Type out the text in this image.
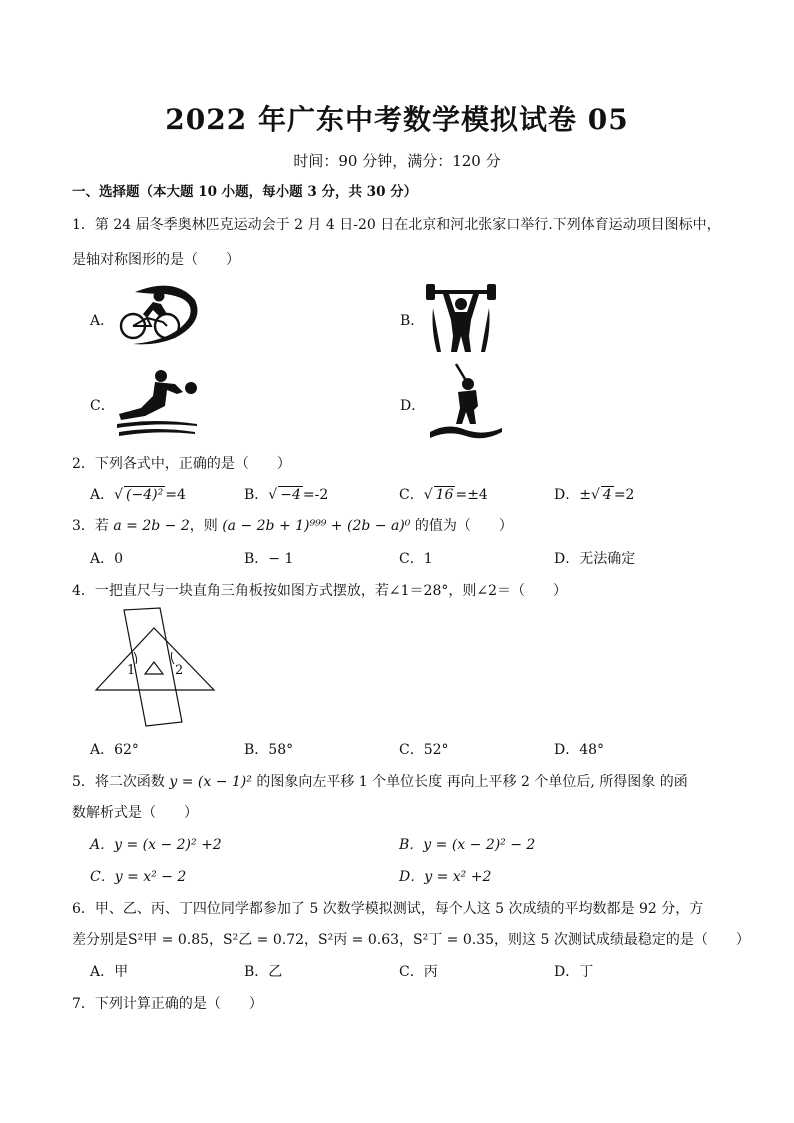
2022 年广东中考数学模拟试卷 05
时间：90 分钟，满分：120 分
一、选择题（本大题 10 小题，每小题 3 分，共 30 分）
1．第 24 届冬季奥林匹克运动会于 2 月 4 日-20 日在北京和河北张家口举行.下列体育运动项目图标中，
是轴对称图形的是（　　）
A．	B．
C．	D．
2．下列各式中，正确的是（　　）
A．√ (−4)² =4	B．√ −4 =-2	C．√ 16 =±4	D．±√ 4 =2
3．若 a = 2b − 2，则 (a − 2b + 1)⁹⁹⁹ + (2b − a)⁰ 的值为（　　）
A．0	B．− 1	C．1	D．无法确定
4．一把直尺与一块直角三角板按如图方式摆放，若∠1＝28°，则∠2＝（　　）
1	2
A．62°	B．58°	C．52°	D．48°
5．将二次函数 y = (x − 1)² 的图象向左平移 1 个单位长度 再向上平移 2 个单位后, 所得图象 的函
数解析式是（　　）
A．y = (x − 2)² +2	B．y = (x − 2)² − 2
C．y = x² − 2	D．y = x² +2
6．甲、乙、丙、丁四位同学都参加了 5 次数学模拟测试，每个人这 5 次成绩的平均数都是 92 分，方
差分别是S²甲 = 0.85，S²乙 = 0.72，S²丙 = 0.63，S²丁 = 0.35，则这 5 次测试成绩最稳定的是（　　）
A．甲	B．乙	C．丙	D．丁
7．下列计算正确的是（　　）
